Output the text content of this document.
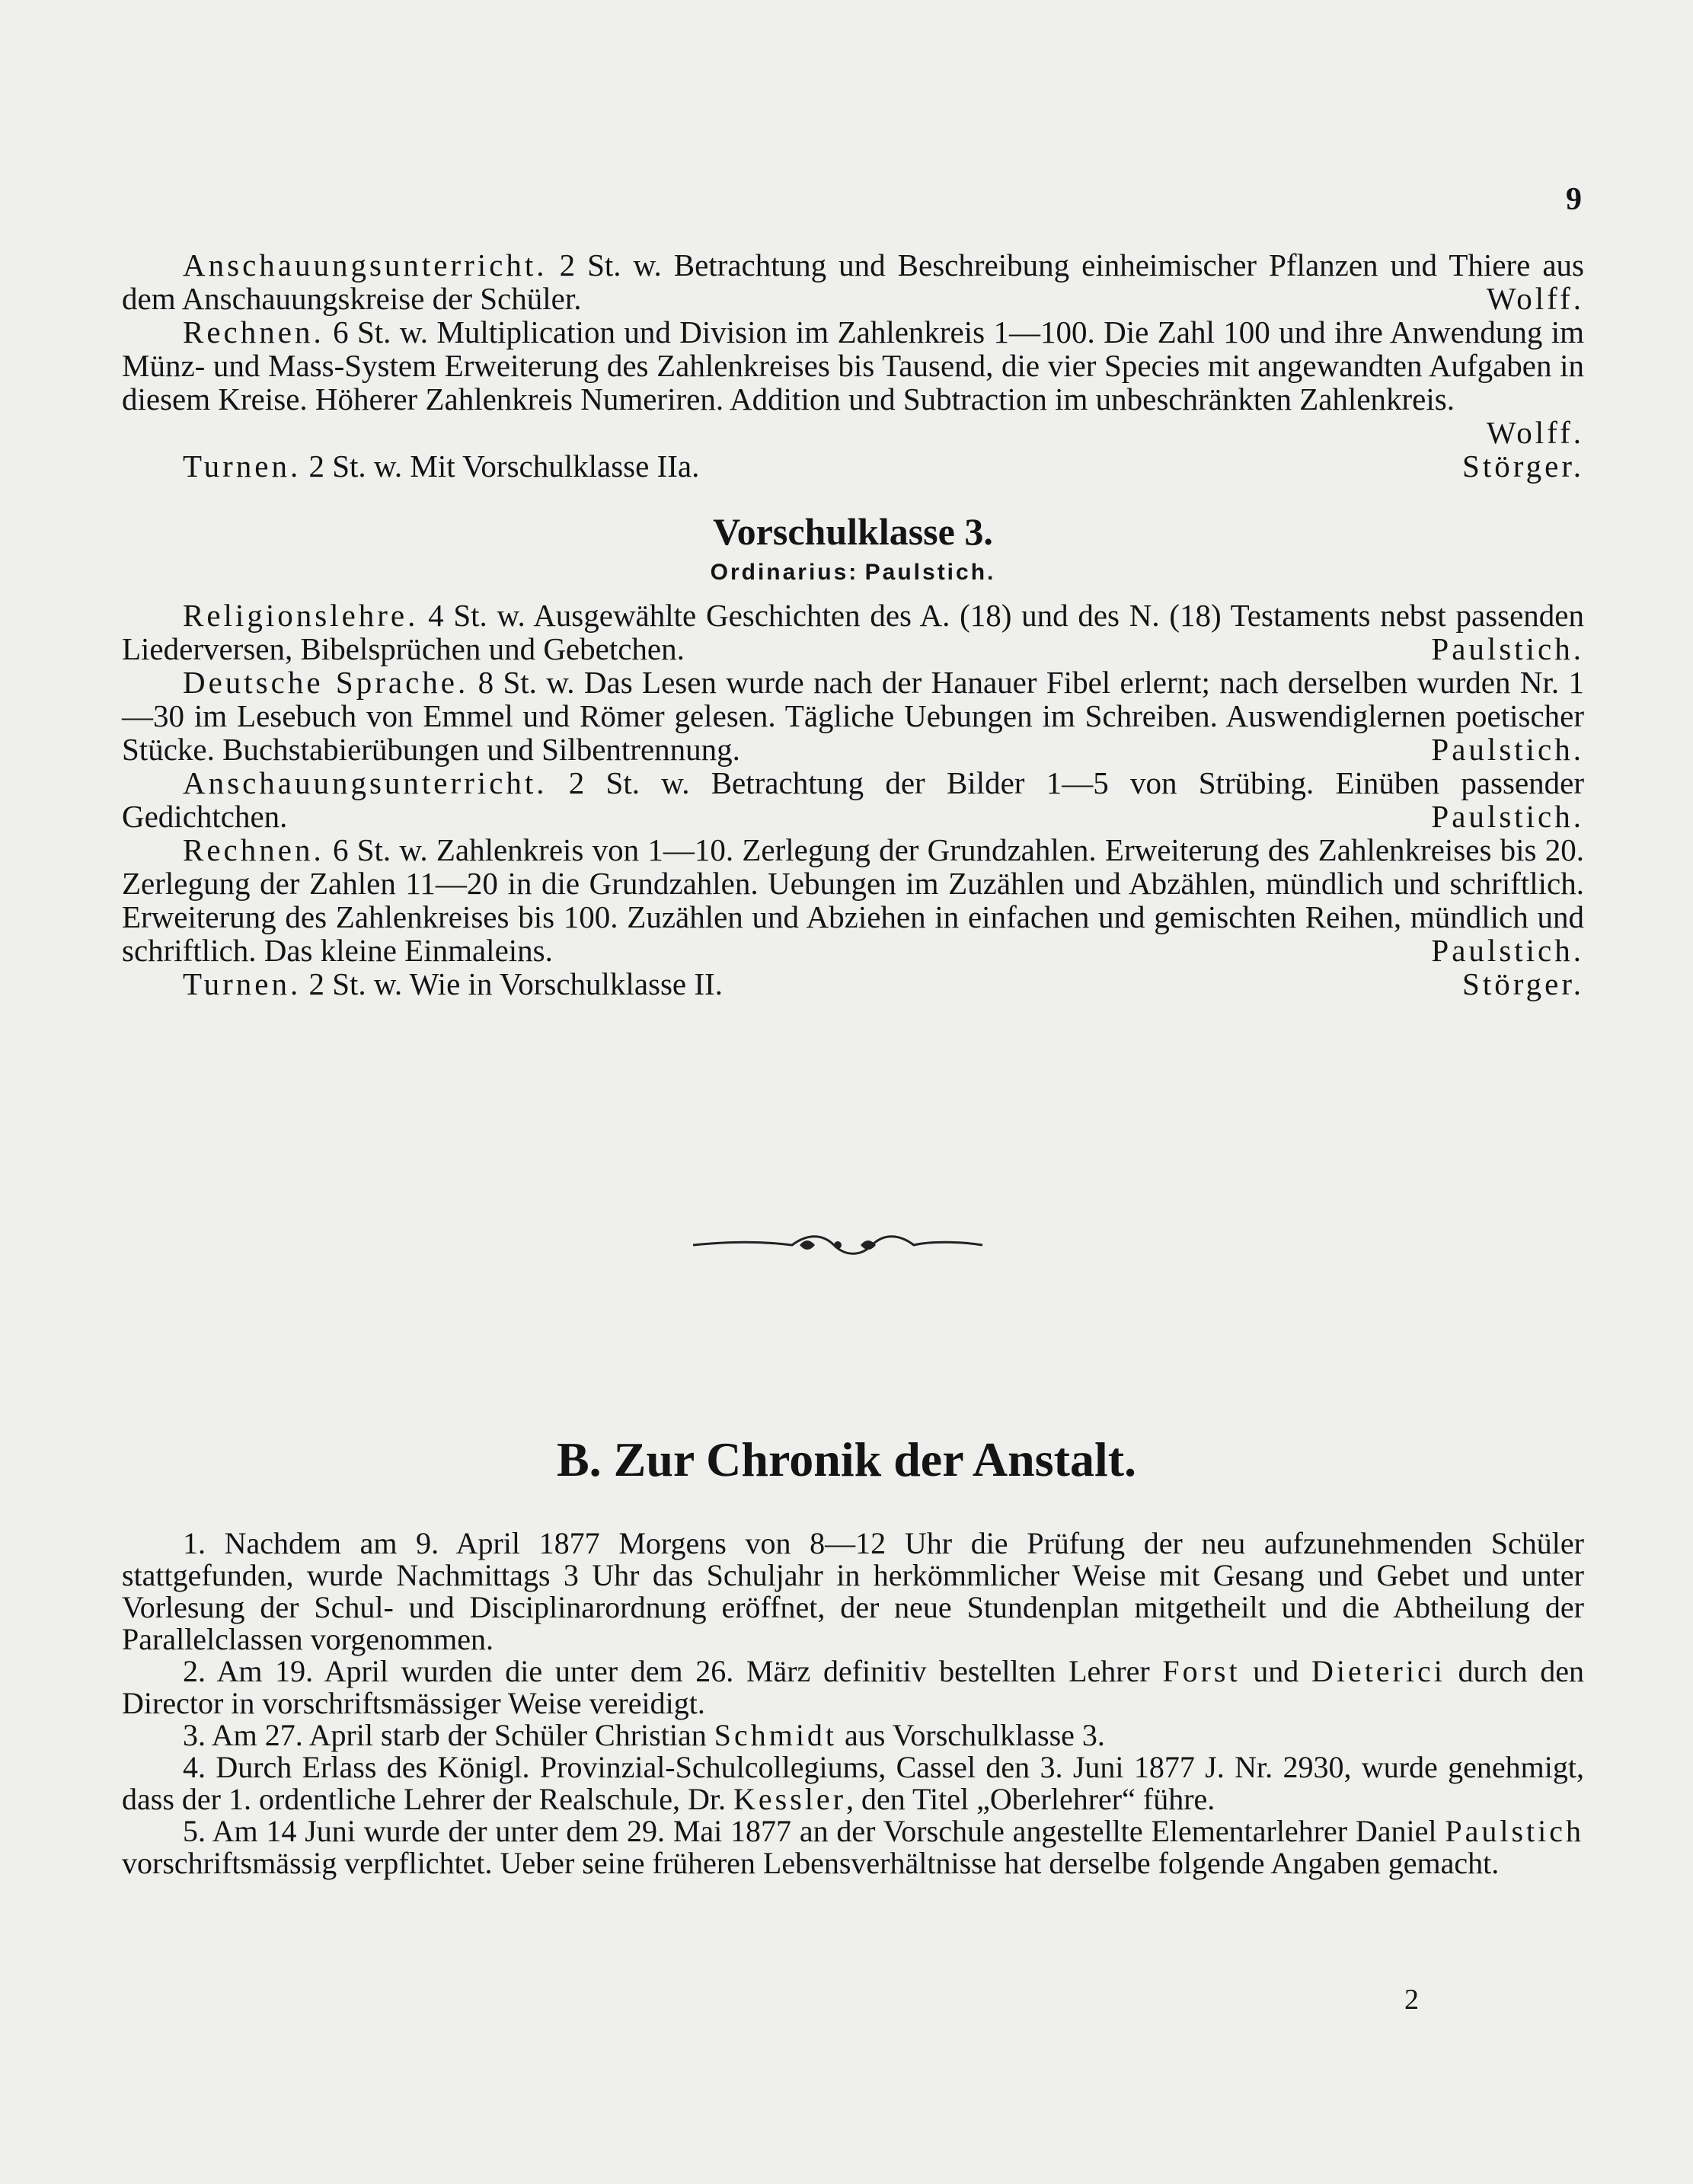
9

Anschauungsunterricht. 2 St. w. Betrachtung und Beschreibung einheimischer Pflanzen und Thiere aus dem Anschauungskreise der Schüler.	Wolff.

Rechnen. 6 St. w. Multiplication und Division im Zahlenkreis 1—100. Die Zahl 100 und ihre Anwendung im Münz- und Mass-System Erweiterung des Zahlenkreises bis Tausend, die vier Species mit angewandten Aufgaben in diesem Kreise. Höherer Zahlenkreis Numeriren. Addition und Subtraction im unbeschränkten Zahlenkreis.
Wolff.

Turnen. 2 St. w. Mit Vorschulklasse IIa.	Störger.

Vorschulklasse 3.
Ordinarius: Paulstich.

Religionslehre. 4 St. w. Ausgewählte Geschichten des A. (18) und des N. (18) Testaments nebst passenden Liederversen, Bibelsprüchen und Gebetchen.	Paulstich.

Deutsche Sprache. 8 St. w. Das Lesen wurde nach der Hanauer Fibel erlernt; nach derselben wurden Nr. 1—30 im Lesebuch von Emmel und Römer gelesen. Tägliche Uebungen im Schreiben. Auswendiglernen poetischer Stücke. Buchstabierübungen und Silbentrennung.	Paulstich.

Anschauungsunterricht. 2 St. w. Betrachtung der Bilder 1—5 von Strübing. Einüben passender Gedichtchen.	Paulstich.

Rechnen. 6 St. w. Zahlenkreis von 1—10. Zerlegung der Grundzahlen. Erweiterung des Zahlenkreises bis 20. Zerlegung der Zahlen 11—20 in die Grundzahlen. Uebungen im Zuzählen und Abzählen, mündlich und schriftlich. Erweiterung des Zahlenkreises bis 100. Zuzählen und Abziehen in einfachen und gemischten Reihen, mündlich und schriftlich. Das kleine Einmaleins.	Paulstich.

Turnen. 2 St. w. Wie in Vorschulklasse II.	Störger.

B. Zur Chronik der Anstalt.

1. Nachdem am 9. April 1877 Morgens von 8—12 Uhr die Prüfung der neu aufzunehmenden Schüler stattgefunden, wurde Nachmittags 3 Uhr das Schuljahr in herkömmlicher Weise mit Gesang und Gebet und unter Vorlesung der Schul- und Disciplinarordnung eröffnet, der neue Stundenplan mitgetheilt und die Abtheilung der Parallelclassen vorgenommen.

2. Am 19. April wurden die unter dem 26. März definitiv bestellten Lehrer Forst und Dieterici durch den Director in vorschriftsmässiger Weise vereidigt.

3. Am 27. April starb der Schüler Christian Schmidt aus Vorschulklasse 3.

4. Durch Erlass des Königl. Provinzial-Schulcollegiums, Cassel den 3. Juni 1877 J. Nr. 2930, wurde genehmigt, dass der 1. ordentliche Lehrer der Realschule, Dr. Kessler, den Titel „Oberlehrer“ führe.

5. Am 14 Juni wurde der unter dem 29. Mai 1877 an der Vorschule angestellte Elementarlehrer Daniel Paulstich vorschriftsmässig verpflichtet. Ueber seine früheren Lebensverhältnisse hat derselbe folgende Angaben gemacht.

2
